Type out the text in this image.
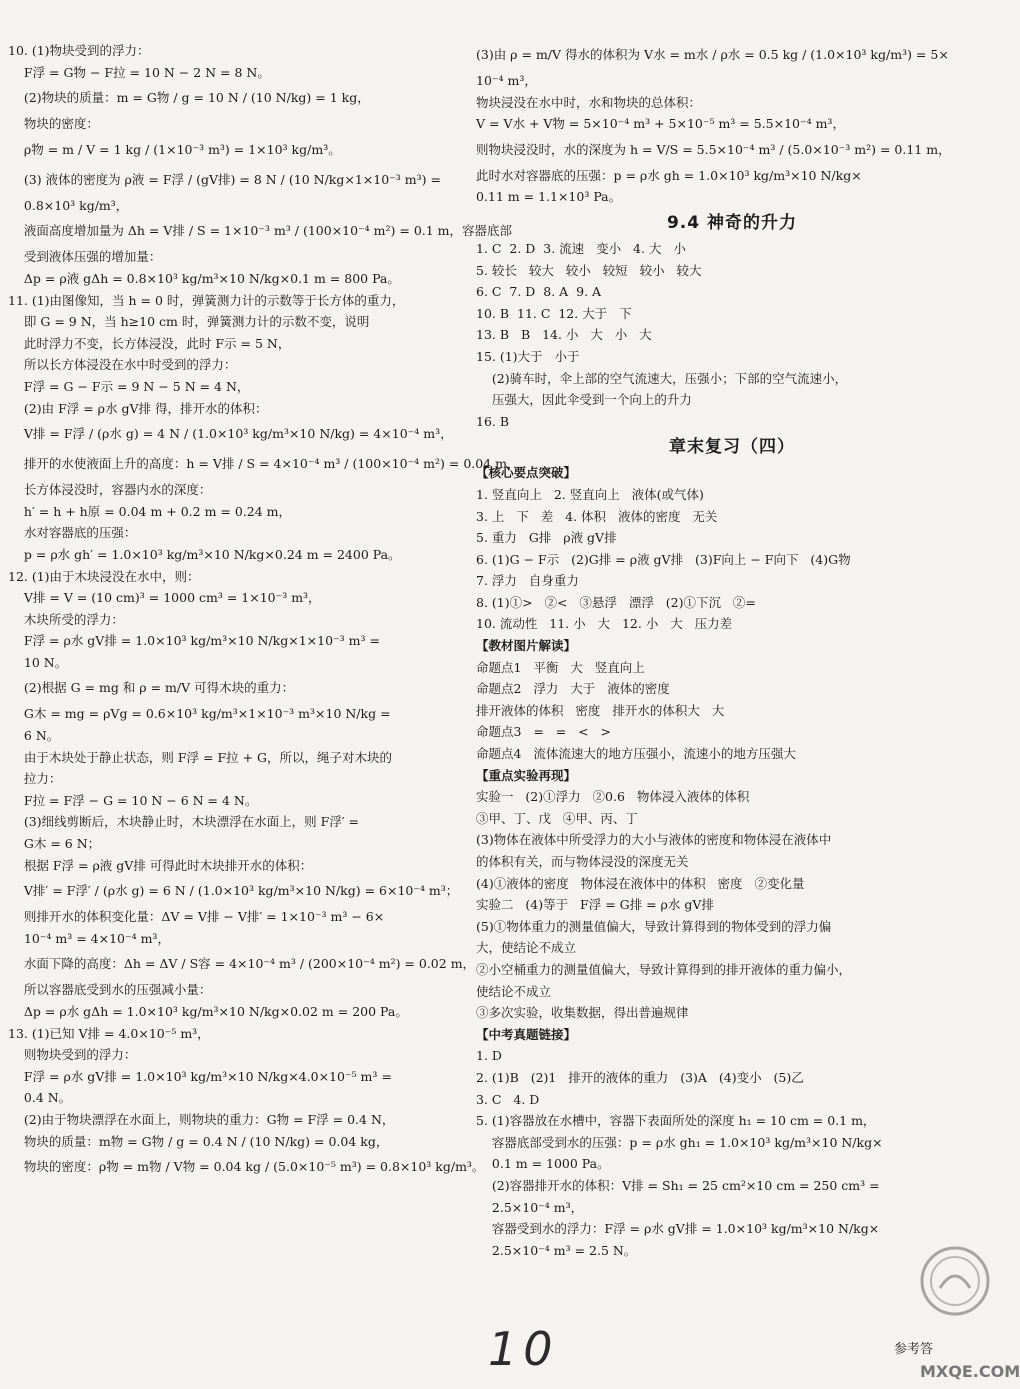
10. (1)物块受到的浮力：
F浮 = G物 − F拉 = 10 N − 2 N = 8 N。
(2)物块的质量：m = G物 / g = 10 N / (10 N/kg) = 1 kg，
物块的密度：
ρ物 = m / V = 1 kg / (1×10⁻³ m³) = 1×10³ kg/m³。
(3) 液体的密度为 ρ液 = F浮 / (gV排) = 8 N / (10 N/kg×1×10⁻³ m³) =
0.8×10³ kg/m³，
液面高度增加量为 Δh = V排 / S = 1×10⁻³ m³ / (100×10⁻⁴ m²) = 0.1 m，容器底部
受到液体压强的增加量：
Δp = ρ液 gΔh = 0.8×10³ kg/m³×10 N/kg×0.1 m = 800 Pa。
11. (1)由图像知，当 h = 0 时，弹簧测力计的示数等于长方体的重力，
即 G = 9 N，当 h≥10 cm 时，弹簧测力计的示数不变，说明
此时浮力不变，长方体浸没，此时 F示 = 5 N，
所以长方体浸没在水中时受到的浮力：
F浮 = G − F示 = 9 N − 5 N = 4 N，
(2)由 F浮 = ρ水 gV排 得，排开水的体积：
V排 = F浮 / (ρ水 g) = 4 N / (1.0×10³ kg/m³×10 N/kg) = 4×10⁻⁴ m³，
排开的水使液面上升的高度：h = V排 / S = 4×10⁻⁴ m³ / (100×10⁻⁴ m²) = 0.04 m，
长方体浸没时，容器内水的深度：
h′ = h + h原 = 0.04 m + 0.2 m = 0.24 m，
水对容器底的压强：
p = ρ水 gh′ = 1.0×10³ kg/m³×10 N/kg×0.24 m = 2400 Pa。
12. (1)由于木块浸没在水中，则：
V排 = V = (10 cm)³ = 1000 cm³ = 1×10⁻³ m³，
木块所受的浮力：
F浮 = ρ水 gV排 = 1.0×10³ kg/m³×10 N/kg×1×10⁻³ m³ =
10 N。
(2)根据 G = mg 和 ρ = m/V 可得木块的重力：
G木 = mg = ρVg = 0.6×10³ kg/m³×1×10⁻³ m³×10 N/kg =
6 N。
由于木块处于静止状态，则 F浮 = F拉 + G，所以，绳子对木块的
拉力：
F拉 = F浮 − G = 10 N − 6 N = 4 N。
(3)细线剪断后，木块静止时，木块漂浮在水面上，则 F浮′ =
G木 = 6 N；
根据 F浮 = ρ液 gV排 可得此时木块排开水的体积：
V排′ = F浮′ / (ρ水 g) = 6 N / (1.0×10³ kg/m³×10 N/kg) = 6×10⁻⁴ m³；
则排开水的体积变化量：ΔV = V排 − V排′ = 1×10⁻³ m³ − 6×
10⁻⁴ m³ = 4×10⁻⁴ m³，
水面下降的高度：Δh = ΔV / S容 = 4×10⁻⁴ m³ / (200×10⁻⁴ m²) = 0.02 m，
所以容器底受到水的压强减小量：
Δp = ρ水 gΔh = 1.0×10³ kg/m³×10 N/kg×0.02 m = 200 Pa。
13. (1)已知 V排 = 4.0×10⁻⁵ m³，
则物块受到的浮力：
F浮 = ρ水 gV排 = 1.0×10³ kg/m³×10 N/kg×4.0×10⁻⁵ m³ =
0.4 N。
(2)由于物块漂浮在水面上，则物块的重力：G物 = F浮 = 0.4 N，
物块的质量：m物 = G物 / g = 0.4 N / (10 N/kg) = 0.04 kg，
物块的密度：ρ物 = m物 / V物 = 0.04 kg / (5.0×10⁻⁵ m³) = 0.8×10³ kg/m³。
(3)由 ρ = m/V 得水的体积为 V水 = m水 / ρ水 = 0.5 kg / (1.0×10³ kg/m³) = 5×
10⁻⁴ m³，
物块浸没在水中时，水和物块的总体积：
V = V水 + V物 = 5×10⁻⁴ m³ + 5×10⁻⁵ m³ = 5.5×10⁻⁴ m³，
则物块浸没时，水的深度为 h = V/S = 5.5×10⁻⁴ m³ / (5.0×10⁻³ m²) = 0.11 m，
此时水对容器底的压强：p = ρ水 gh = 1.0×10³ kg/m³×10 N/kg×
0.11 m = 1.1×10³ Pa。
9.4 神奇的升力
1. C  2. D  3. 流速   变小   4. 大   小
5. 较长   较大   较小   较短   较小   较大
6. C  7. D  8. A  9. A
10. B  11. C  12. 大于   下
13. B   B   14. 小   大   小   大
15. (1)大于   小于
(2)骑车时，伞上部的空气流速大，压强小；下部的空气流速小，
压强大，因此伞受到一个向上的升力
16. B
章末复习（四）
【核心要点突破】
1. 竖直向上   2. 竖直向上   液体(或气体)
3. 上   下   差   4. 体积   液体的密度   无关
5. 重力   G排   ρ液 gV排
6. (1)G − F示   (2)G排 = ρ液 gV排   (3)F向上 − F向下   (4)G物
7. 浮力   自身重力
8. (1)①>   ②<   ③悬浮   漂浮   (2)①下沉   ②=
10. 流动性   11. 小   大   12. 小   大   压力差
【教材图片解读】
命题点1   平衡   大   竖直向上
命题点2   浮力   大于   液体的密度
排开液体的体积   密度   排开水的体积大   大
命题点3   =   =   <   >
命题点4   流体流速大的地方压强小，流速小的地方压强大
【重点实验再现】
实验一   (2)①浮力   ②0.6   物体浸入液体的体积
③甲、丁、戊   ④甲、丙、丁
(3)物体在液体中所受浮力的大小与液体的密度和物体浸在液体中
的体积有关，而与物体浸没的深度无关
(4)①液体的密度   物体浸在液体中的体积   密度   ②变化量
实验二   (4)等于   F浮 = G排 = ρ水 gV排
(5)①物体重力的测量值偏大，导致计算得到的物体受到的浮力偏
大，使结论不成立
②小空桶重力的测量值偏大，导致计算得到的排开液体的重力偏小，
使结论不成立
③多次实验，收集数据，得出普遍规律
【中考真题链接】
1. D
2. (1)B   (2)1   排开的液体的重力   (3)A   (4)变小   (5)乙
3. C   4. D
5. (1)容器放在水槽中，容器下表面所处的深度 h₁ = 10 cm = 0.1 m，
容器底部受到水的压强：p = ρ水 gh₁ = 1.0×10³ kg/m³×10 N/kg×
0.1 m = 1000 Pa。
(2)容器排开水的体积：V排 = Sh₁ = 25 cm²×10 cm = 250 cm³ =
2.5×10⁻⁴ m³，
容器受到水的浮力：F浮 = ρ水 gV排 = 1.0×10³ kg/m³×10 N/kg×
2.5×10⁻⁴ m³ = 2.5 N。
10	参考答
MXQE.COM
